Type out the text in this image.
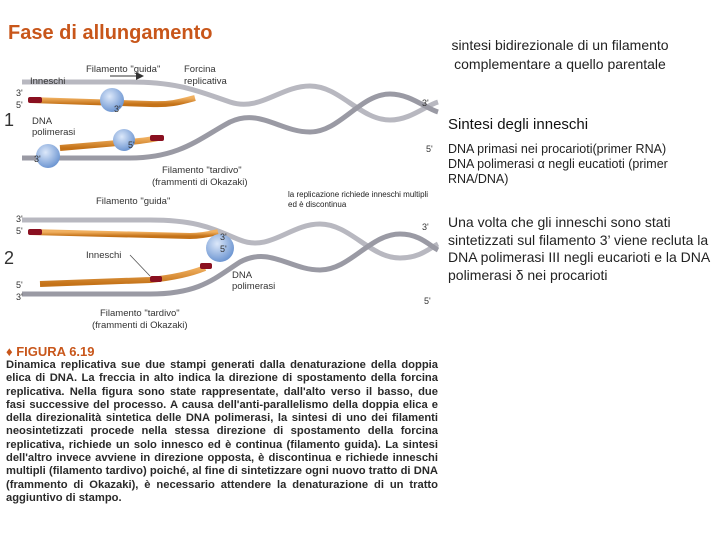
Fase di allungamento
sintesi bidirezionale di un filamento complementare a quello parentale
1
Filamento "guida" Forcina
replicativa
Inneschi
DNA
polimerasi
Filamento "tardivo"
(frammenti di Okazaki)
3'
5'	3'
5'
3'
3'
5'
2
Filamento "guida"
Inneschi
DNA
polimerasi
Filamento "tardivo"
(frammenti di Okazaki)
3'
5'
3'
5'
5'
3'
3'
5'
la replicazione richiede inneschi multipli ed è discontinua
Sintesi degli inneschi
DNA primasi nei procarioti(primer RNA)
DNA polimerasi α negli eucatioti (primer
RNA/DNA)
Una volta che gli inneschi sono stati sintetizzati sul filamento 3’ viene recluta la DNA polimerasi III negli eucarioti e la DNA polimerasi δ nei procarioti
♦ FIGURA 6.19
Dinamica replicativa sue due stampi generati dalla denaturazione della doppia elica di DNA. La freccia in alto indica la direzione di spostamento della forcina replicativa. Nella figura sono state rappresentate, dall'alto verso il basso, due fasi successive del processo. A causa dell'anti-parallelismo della doppia elica e della direzionalità sintetica delle DNA polimerasi, la sintesi di uno dei filamenti neosintetizzati procede nella stessa direzione di spostamento della forcina replicativa, richiede un solo innesco ed è continua (filamento guida). La sintesi dell'altro invece avviene in direzione opposta, è discontinua e richiede inneschi multipli (filamento tardivo) poiché, al fine di sintetizzare ogni nuovo tratto di DNA (frammento di Okazaki), è necessario attendere la denaturazione di un tratto aggiuntivo di stampo.
